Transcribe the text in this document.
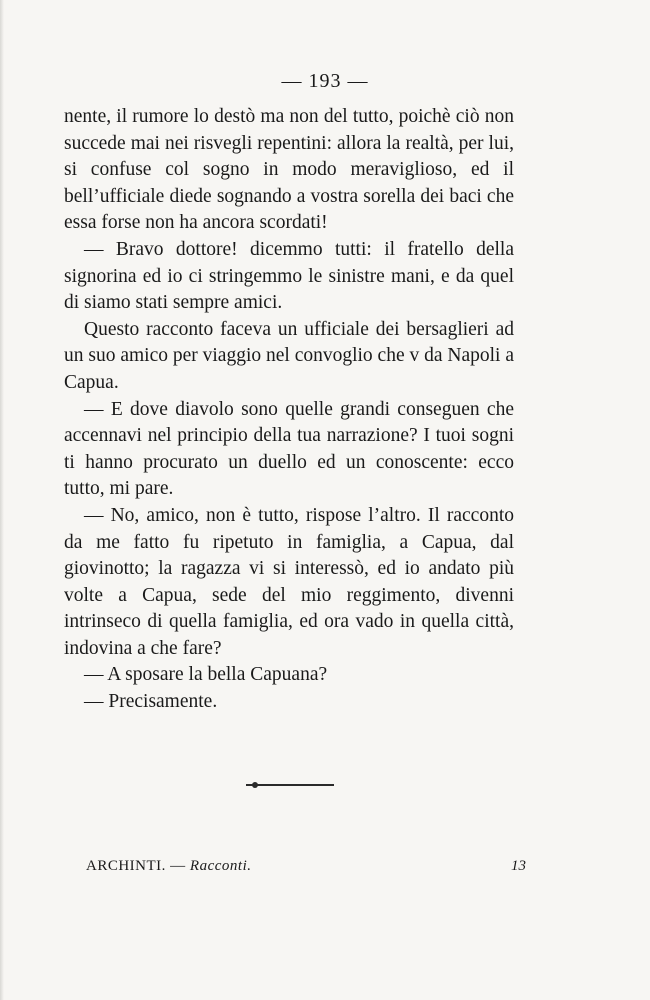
— 193 —

nente, il rumore lo destò ma non del tutto, poichè ciò non succede mai nei risvegli repentini: allora la realtà, per lui, si confuse col sogno in modo meraviglioso, ed il bell’ufficiale diede sognando a vostra sorella dei baci che essa forse non ha ancora scordati!

— Bravo dottore! dicemmo tutti: il fratello della signorina ed io ci stringemmo le sinistre mani, e da quel di siamo stati sempre amici.

Questo racconto faceva un ufficiale dei bersaglieri ad un suo amico per viaggio nel convoglio che v da Napoli a Capua.

— E dove diavolo sono quelle grandi conseguen che accennavi nel principio della tua narrazione? I tuoi sogni ti hanno procurato un duello ed un conoscente: ecco tutto, mi pare.

— No, amico, non è tutto, rispose l’altro. Il racconto da me fatto fu ripetuto in famiglia, a Capua, dal giovinotto; la ragazza vi si interessò, ed io andato più volte a Capua, sede del mio reggimento, divenni intrinseco di quella famiglia, ed ora vado in quella città, indovina a che fare?

— A sposare la bella Capuana?

— Precisamente.

ARCHINTI. — Racconti.	13
